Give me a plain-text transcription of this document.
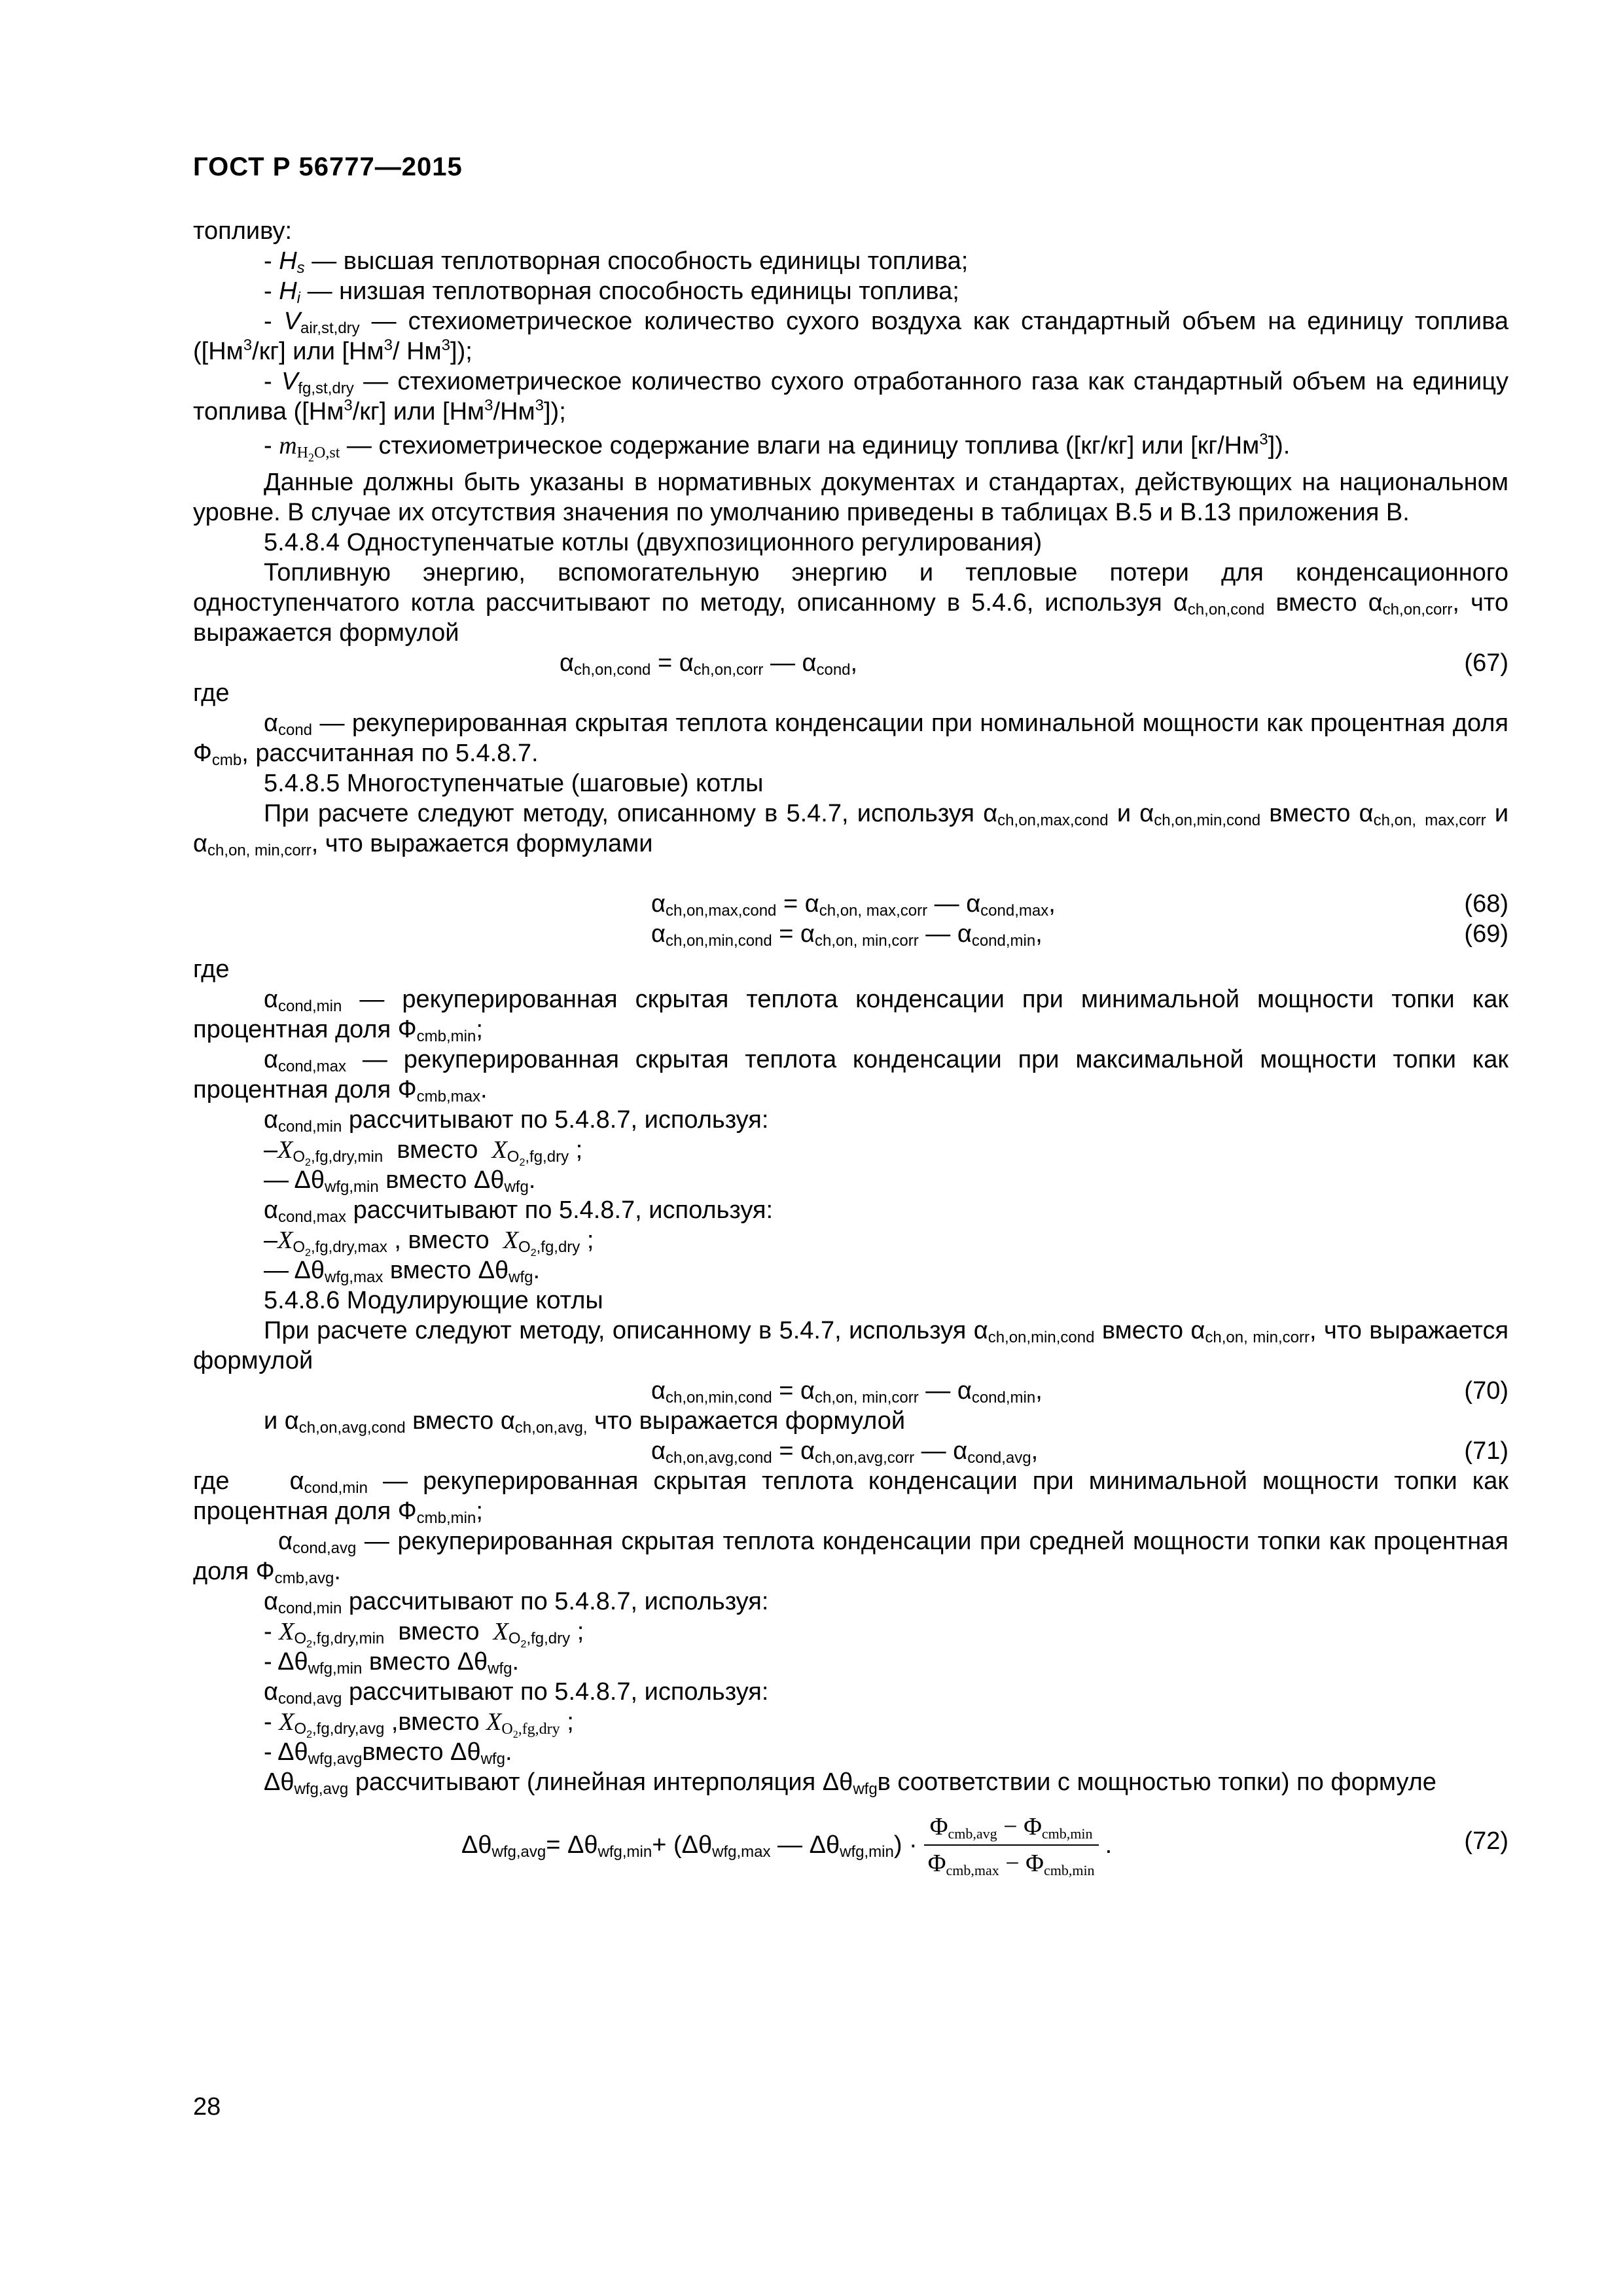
ГОСТ Р 56777—2015

топливу:

- $H_s$ — высшая теплотворная способность единицы топлива;

- $H_i$ — низшая теплотворная способность единицы топлива;

- $V_{air,st,dry}$ — стехиометрическое количество сухого воздуха как стандартный объем на единицу топлива ($[Нм^3/кг]$ или [$Нм^3/$ $Нм^3$]);

- $V_{fg,st,dry}$ — стехиометрическое количество сухого отработанного газа как стандартный объем на единицу топлива ($[Нм^3/кг]$ или $[Нм^3/Нм^3]$);

- $m_{H_2O,st}$ — стехиометрическое содержание влаги на единицу топлива ([кг/кг] или $[кг/Нм^3]$).

Данные должны быть указаны в нормативных документах и стандартах, действующих на национальном уровне. В случае их отсутствия значения по умолчанию приведены в таблицах В.5 и В.13 приложения В.

5.4.8.4 Одноступенчатые котлы (двухпозиционного регулирования)

Топливную энергию, вспомогательную энергию и тепловые потери для конденсационного одноступенчатого котла рассчитывают по методу, описанному в 5.4.6, используя $\alpha_{ch,on,cond}$ вместо $\alpha_{ch,on,corr}$, что выражается формулой

$\alpha_{ch,on,cond} = \alpha_{ch,on,corr}$ — $\alpha_{cond}$,	(67)

где

$\alpha_{cond}$ — рекуперированная скрытая теплота конденсации при номинальной мощности как процентная доля $Ф_{cmb}$, рассчитанная по 5.4.8.7.

5.4.8.5 Многоступенчатые (шаговые) котлы

При расчете следуют методу, описанному в 5.4.7, используя $\alpha_{ch,on,max,cond}$ и $\alpha_{ch,on,min,cond}$ вместо $\alpha_{ch,on,}$ $_{max,corr}$ и $\alpha_{ch,on, min,corr}$, что выражается формулами

$\alpha_{ch,on,max,cond} = \alpha_{ch,on, max,corr}$ — $\alpha_{cond,max}$,	(68)
$\alpha_{ch,on,min,cond} = \alpha_{ch,on, min,corr}$ — $\alpha_{cond,min}$,	(69)

где

$\alpha_{cond,min}$ — рекуперированная скрытая теплота конденсации при минимальной мощности топки как процентная доля $Ф_{cmb,min}$;

$\alpha_{cond,max}$ — рекуперированная скрытая теплота конденсации при максимальной мощности топки как процентная доля $Ф_{cmb,max}$.

$\alpha_{cond,min}$ рассчитывают по 5.4.8.7, используя:

$-X_{O_2,fg,dry,min}$ вместо $X_{O_2,fg,dry}$ ;

— $\Delta\theta_{wfg,min}$ вместо $\Delta\theta_{wfg}$.

$\alpha_{cond,max}$ рассчитывают по 5.4.8.7, используя:

$-X_{O_2,fg,dry,max}$ , вместо $X_{O_2,fg,dry}$ ;

— $\Delta\theta_{wfg,max}$ вместо $\Delta\theta_{wfg}$.

5.4.8.6 Модулирующие котлы

При расчете следуют методу, описанному в 5.4.7, используя $\alpha_{ch,on,min,cond}$ вместо $\alpha_{ch,on, min,corr}$, что выражается формулой

$\alpha_{ch,on,min,cond} = \alpha_{ch,on, min,corr}$ — $\alpha_{cond,min}$,	(70)

и $\alpha_{ch,on,avg,cond}$ вместо $\alpha_{ch,on,avg,}$ что выражается формулой

$\alpha_{ch,on,avg,cond} = \alpha_{ch,on,avg,corr}$ — $\alpha_{cond,avg}$,	(71)

где    $\alpha_{cond,min}$ — рекуперированная скрытая теплота конденсации при минимальной мощности топки как процентная доля $Ф_{cmb,min}$;

$\alpha_{cond,avg}$ — рекуперированная скрытая теплота конденсации при средней мощности топки как процентная доля $Ф_{cmb,avg}$.

$\alpha_{cond,min}$ рассчитывают по 5.4.8.7, используя:

- $X_{O_2,fg,dry,min}$ вместо $X_{O_2,fg,dry}$ ;

- $\Delta\theta_{wfg,min}$ вместо $\Delta\theta_{wfg}$.

$\alpha_{cond,avg}$ рассчитывают по 5.4.8.7, используя:

- $X_{O_2,fg,dry,avg}$ ,вместо $X_{O_2,fg,dry}$ ;

- $\Delta\theta_{wfg,avg}вместо$ $\Delta\theta_{wfg}$.

$\Delta\theta_{wfg,avg}$ рассчитывают (линейная интерполяция $\Delta\theta_{wfg}в$ соответствии с мощностью топки) по формуле

$\Delta\theta_{wfg,avg}= \Delta\theta_{wfg,min}+ (\Delta\theta_{wfg,max}$ — $\Delta\theta_{wfg,min}) \cdot \frac{\Phi_{cmb,avg} - \Phi_{cmb,min}}{\Phi_{cmb,max} - \Phi_{cmb,min}}$ .	(72)
28
